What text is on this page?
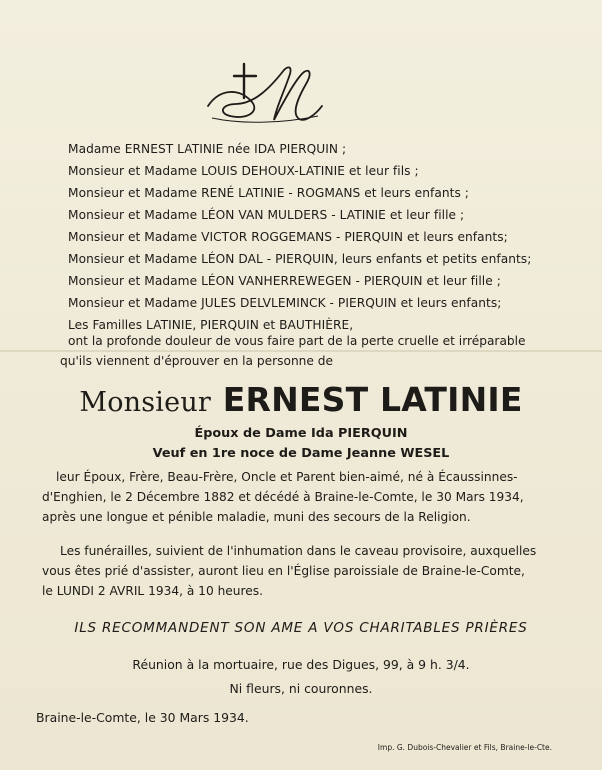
Madame ERNEST LATINIE née IDA PIERQUIN ;
Monsieur et Madame LOUIS DEHOUX-LATINIE et leur fils ;
Monsieur et Madame RENÉ LATINIE - ROGMANS et leurs enfants ;
Monsieur et Madame LÉON VAN MULDERS - LATINIE et leur fille ;
Monsieur et Madame VICTOR ROGGEMANS - PIERQUIN et leurs enfants;
Monsieur et Madame LÉON DAL - PIERQUIN, leurs enfants et petits enfants;
Monsieur et Madame LÉON VANHERREWEGEN - PIERQUIN et leur fille ;
Monsieur et Madame JULES DELVLEMINCK - PIERQUIN et leurs enfants;
Les Familles LATINIE, PIERQUIN et BAUTHIÈRE,
ont la profonde douleur de vous faire part de la perte cruelle et irréparable
qu'ils viennent d'éprouver en la personne de
Monsieur ERNEST LATINIE
Époux de Dame Ida PIERQUIN
Veuf en 1re noce de Dame Jeanne WESEL
leur Époux, Frère, Beau-Frère, Oncle et Parent bien-aimé, né à Écaussinnes-
d'Enghien, le 2 Décembre 1882 et décédé à Braine-le-Comte, le 30 Mars 1934,
après une longue et pénible maladie, muni des secours de la Religion.
Les funérailles, suivient de l'inhumation dans le caveau provisoire, auxquelles
vous êtes prié d'assister, auront lieu en l'Église paroissiale de Braine-le-Comte,
le LUNDI 2 AVRIL 1934, à 10 heures.
ILS RECOMMANDENT SON AME A VOS CHARITABLES PRIÈRES
Réunion à la mortuaire, rue des Digues, 99, à 9 h. 3/4.
Ni fleurs, ni couronnes.
Braine-le-Comte, le 30 Mars 1934.
Imp. G. Dubois-Chevalier et Fils, Braine-le-Cte.
